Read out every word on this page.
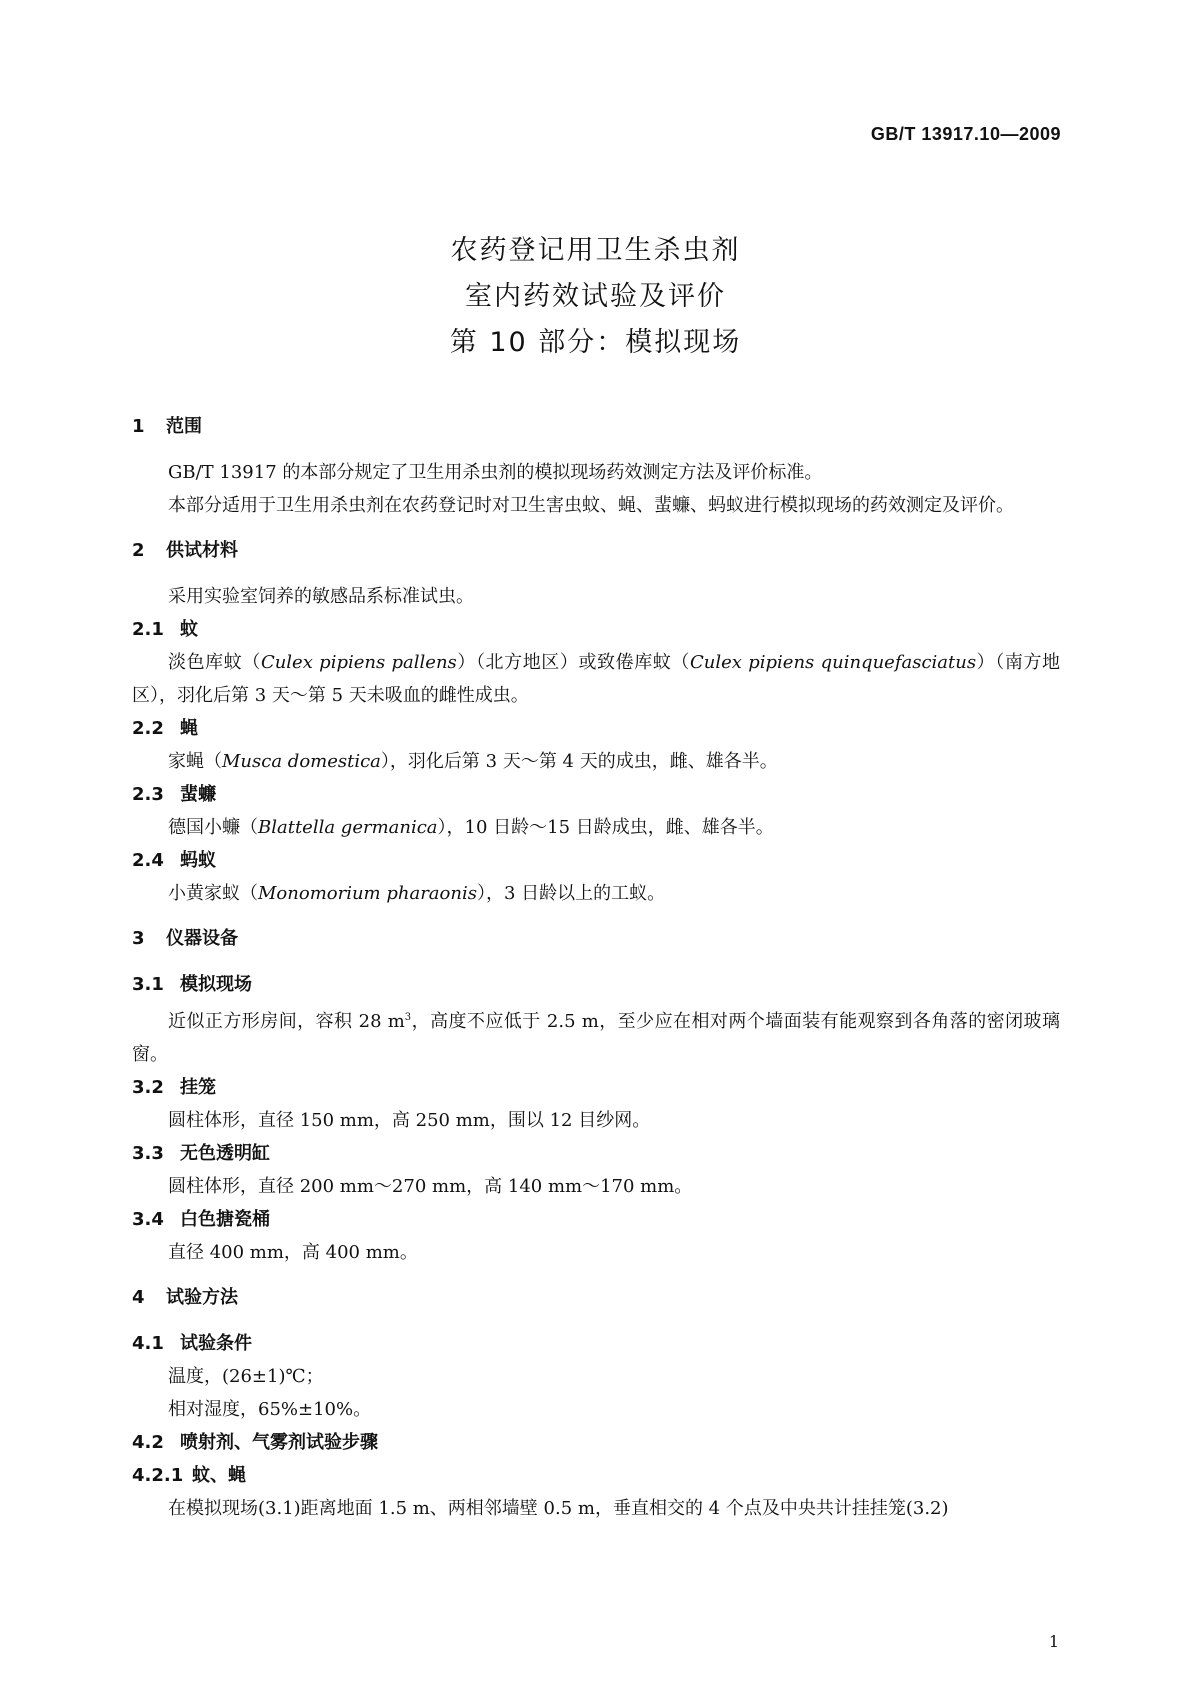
GB/T 13917.10—2009
农药登记用卫生杀虫剂
室内药效试验及评价
第 10 部分：模拟现场
1 范围
GB/T 13917 的本部分规定了卫生用杀虫剂的模拟现场药效测定方法及评价标准。
本部分适用于卫生用杀虫剂在农药登记时对卫生害虫蚊、蝇、蜚蠊、蚂蚁进行模拟现场的药效测定及评价。
2 供试材料
采用实验室饲养的敏感品系标准试虫。
2.1 蚊
淡色库蚊（Culex pipiens pallens）（北方地区）或致倦库蚊（Culex pipiens quinquefasciatus）（南方地区），羽化后第 3 天～第 5 天未吸血的雌性成虫。
2.2 蝇
家蝇（Musca domestica），羽化后第 3 天～第 4 天的成虫，雌、雄各半。
2.3 蜚蠊
德国小蠊（Blattella germanica），10 日龄～15 日龄成虫，雌、雄各半。
2.4 蚂蚁
小黄家蚁（Monomorium pharaonis），3 日龄以上的工蚁。
3 仪器设备
3.1 模拟现场
近似正方形房间，容积 28 $m^3$，高度不应低于 2.5 m，至少应在相对两个墙面装有能观察到各角落的密闭玻璃窗。
3.2 挂笼
圆柱体形，直径 150 mm，高 250 mm，围以 12 目纱网。
3.3 无色透明缸
圆柱体形，直径 200 mm～270 mm，高 140 mm～170 mm。
3.4 白色搪瓷桶
直径 400 mm，高 400 mm。
4 试验方法
4.1 试验条件
温度，(26±1)℃；
相对湿度，65%±10%。
4.2 喷射剂、气雾剂试验步骤
4.2.1 蚊、蝇
在模拟现场(3.1)距离地面 1.5 m、两相邻墙壁 0.5 m，垂直相交的 4 个点及中央共计挂挂笼(3.2)
1
